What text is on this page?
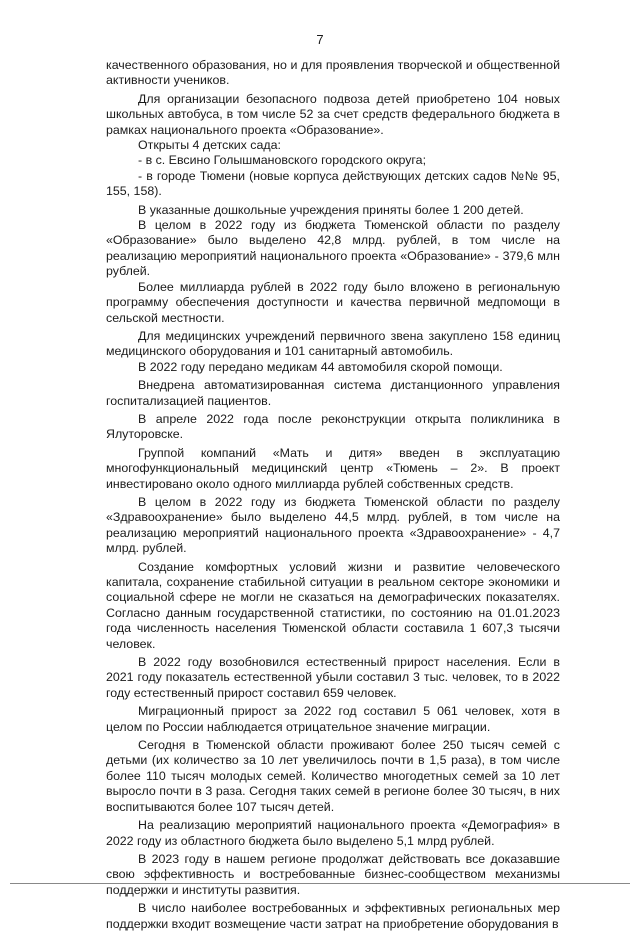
7

качественного образования, но и для проявления творческой и общественной активности учеников.

Для организации безопасного подвоза детей приобретено 104 новых школьных автобуса, в том числе 52 за счет средств федерального бюджета в рамках национального проекта «Образование».

Открыты 4 детских сада:

- в с. Евсино Голышмановского городского округа;

- в городе Тюмени (новые корпуса действующих детских садов №№ 95, 155, 158).

В указанные дошкольные учреждения приняты более 1 200 детей.

В целом в 2022 году из бюджета Тюменской области по разделу «Образование» было выделено 42,8 млрд. рублей, в том числе на реализацию мероприятий национального проекта «Образование» - 379,6 млн рублей.

Более миллиарда рублей в 2022 году было вложено в региональную программу обеспечения доступности и качества первичной медпомощи в сельской местности.

Для медицинских учреждений первичного звена закуплено 158 единиц медицинского оборудования и 101 санитарный автомобиль.

В 2022 году передано медикам 44 автомобиля скорой помощи.

Внедрена автоматизированная система дистанционного управления госпитализацией пациентов.

В апреле 2022 года после реконструкции открыта поликлиника в Ялуторовске.

Группой компаний «Мать и дитя» введен в эксплуатацию многофункциональный медицинский центр «Тюмень – 2». В проект инвестировано около одного миллиарда рублей собственных средств.

В целом в 2022 году из бюджета Тюменской области по разделу «Здравоохранение» было выделено 44,5 млрд. рублей, в том числе на реализацию мероприятий национального проекта «Здравоохранение» - 4,7 млрд. рублей.

Создание комфортных условий жизни и развитие человеческого капитала, сохранение стабильной ситуации в реальном секторе экономики и социальной сфере не могли не сказаться на демографических показателях. Согласно данным государственной статистики, по состоянию на 01.01.2023 года численность населения Тюменской области составила 1 607,3 тысячи человек.

В 2022 году возобновился естественный прирост населения. Если в 2021 году показатель естественной убыли составил 3 тыс. человек, то в 2022 году естественный прирост составил 659 человек.

Миграционный прирост за 2022 год составил 5 061 человек, хотя в целом по России наблюдается отрицательное значение миграции.

Сегодня в Тюменской области проживают более 250 тысяч семей с детьми (их количество за 10 лет увеличилось почти в 1,5 раза), в том числе более 110 тысяч молодых семей. Количество многодетных семей за 10 лет выросло почти в 3 раза. Сегодня таких семей в регионе более 30 тысяч, в них воспитываются более 107 тысяч детей.

На реализацию мероприятий национального проекта «Демография» в 2022 году из областного бюджета было выделено 5,1 млрд рублей.

В 2023 году в нашем регионе продолжат действовать все доказавшие свою эффективность и востребованные бизнес-сообществом механизмы поддержки и институты развития.

В число наиболее востребованных и эффективных региональных мер поддержки входит возмещение части затрат на приобретение оборудования в
